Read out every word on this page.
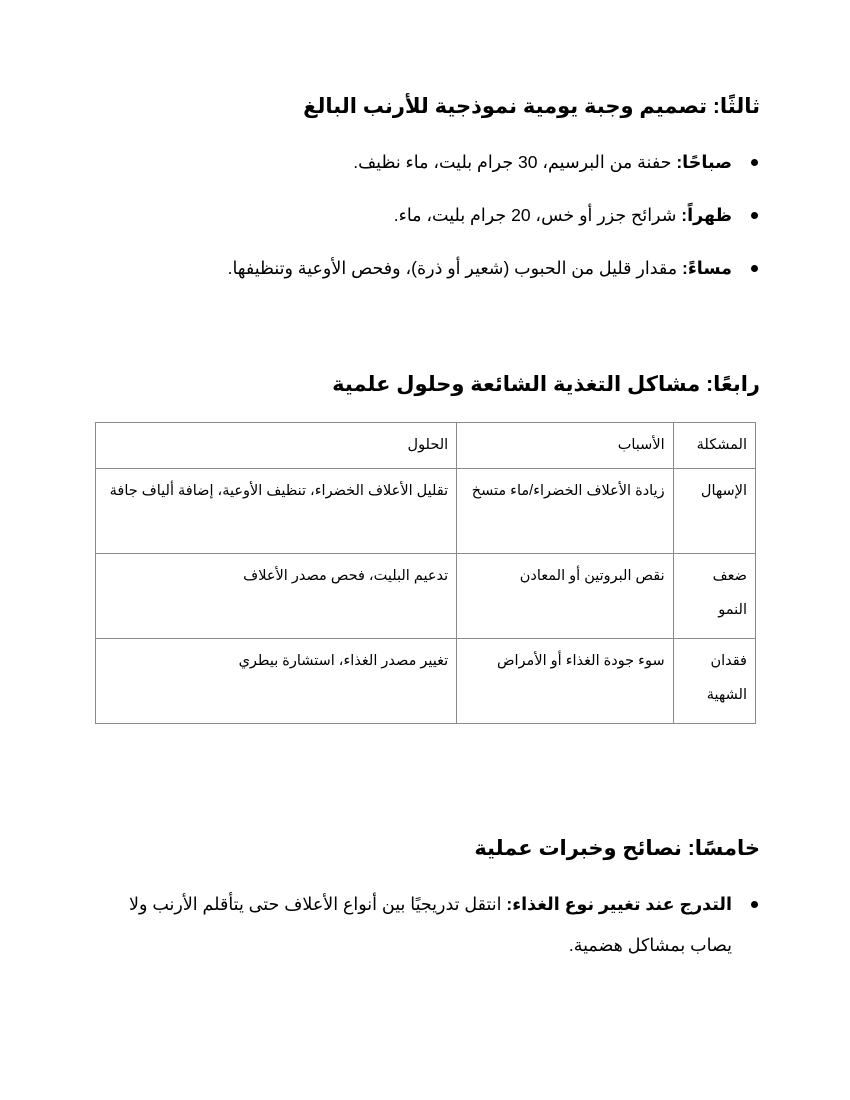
ثالثًا: تصميم وجبة يومية نموذجية للأرنب البالغ
صباحًا: حفنة من البرسيم، 30 جرام بليت، ماء نظيف.
ظهراً: شرائح جزر أو خس، 20 جرام بليت، ماء.
مساءً: مقدار قليل من الحبوب (شعير أو ذرة)، وفحص الأوعية وتنظيفها.
رابعًا: مشاكل التغذية الشائعة وحلول علمية
المشكلة	الأسباب	الحلول
الإسهال	زيادة الأعلاف الخضراء/ماء متسخ	تقليل الأعلاف الخضراء، تنظيف الأوعية، إضافة ألياف جافة
ضعف النمو	نقص البروتين أو المعادن	تدعيم البليت، فحص مصدر الأعلاف
فقدان الشهية	سوء جودة الغذاء أو الأمراض	تغيير مصدر الغذاء، استشارة بيطري
خامسًا: نصائح وخبرات عملية
التدرج عند تغيير نوع الغذاء: انتقل تدريجيًا بين أنواع الأعلاف حتى يتأقلم الأرنب ولا يصاب بمشاكل هضمية.
